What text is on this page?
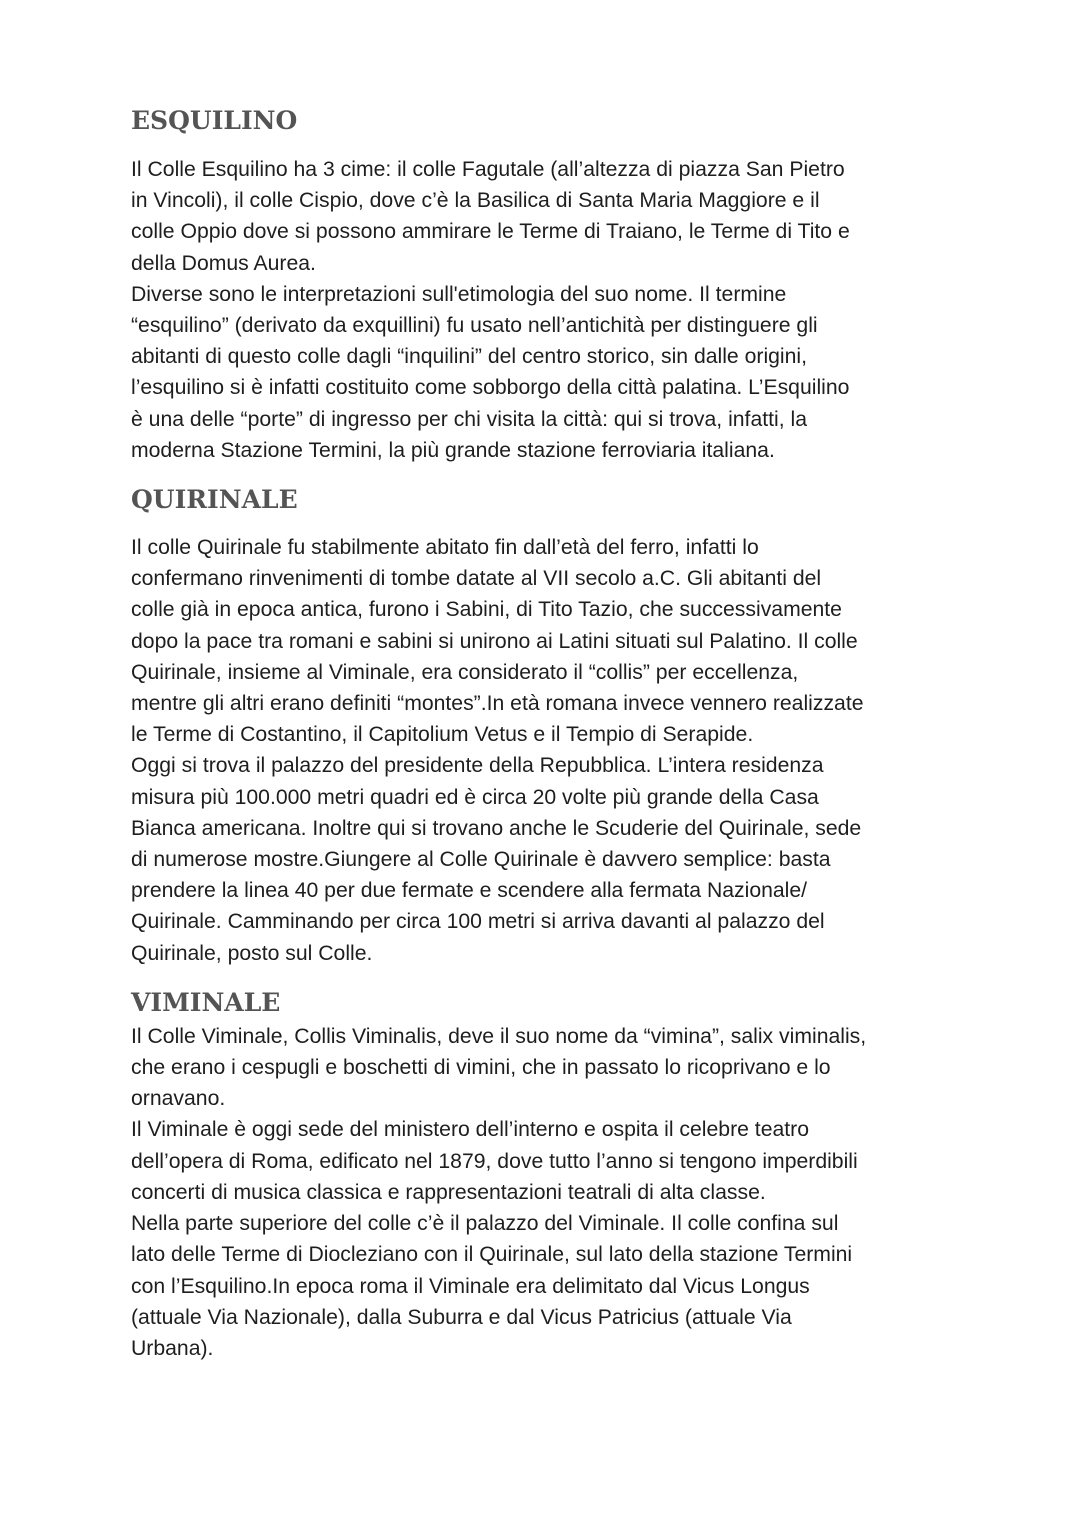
ESQUILINO

Il Colle Esquilino ha 3 cime: il colle Fagutale (all’altezza di piazza San Pietro
in Vincoli), il colle Cispio, dove c’è la Basilica di Santa Maria Maggiore e il
colle Oppio dove si possono ammirare le Terme di Traiano, le Terme di Tito e
della Domus Aurea.

Diverse sono le interpretazioni sull'etimologia del suo nome. Il termine
“esquilino” (derivato da exquillini) fu usato nell’antichità per distinguere gli
abitanti di questo colle dagli “inquilini” del centro storico, sin dalle origini,
l’esquilino si è infatti costituito come sobborgo della città palatina. L’Esquilino
è una delle “porte” di ingresso per chi visita la città: qui si trova, infatti, la
moderna Stazione Termini, la più grande stazione ferroviaria italiana.

QUIRINALE

Il colle Quirinale fu stabilmente abitato fin dall’età del ferro, infatti lo
confermano rinvenimenti di tombe datate al VII secolo a.C. Gli abitanti del
colle già in epoca antica, furono i Sabini, di Tito Tazio, che successivamente
dopo la pace tra romani e sabini si unirono ai Latini situati sul Palatino. Il colle
Quirinale, insieme al Viminale, era considerato il “collis” per eccellenza,
mentre gli altri erano definiti “montes”.In età romana invece vennero realizzate
le Terme di Costantino, il Capitolium Vetus e il Tempio di Serapide.

Oggi si trova il palazzo del presidente della Repubblica. L’intera residenza
misura più 100.000 metri quadri ed è circa 20 volte più grande della Casa
Bianca americana. Inoltre qui si trovano anche le Scuderie del Quirinale, sede
di numerose mostre.Giungere al Colle Quirinale è davvero semplice: basta
prendere la linea 40 per due fermate e scendere alla fermata Nazionale/
Quirinale. Camminando per circa 100 metri si arriva davanti al palazzo del
Quirinale, posto sul Colle.

VIMINALE

Il Colle Viminale, Collis Viminalis, deve il suo nome da “vimina”, salix viminalis,
che erano i cespugli e boschetti di vimini, che in passato lo ricoprivano e lo
ornavano.

Il Viminale è oggi sede del ministero dell’interno e ospita il celebre teatro
dell’opera di Roma, edificato nel 1879, dove tutto l’anno si tengono imperdibili
concerti di musica classica e rappresentazioni teatrali di alta classe.

Nella parte superiore del colle c’è il palazzo del Viminale. Il colle confina sul
lato delle Terme di Diocleziano con il Quirinale, sul lato della stazione Termini
con l’Esquilino.In epoca roma il Viminale era delimitato dal Vicus Longus
(attuale Via Nazionale), dalla Suburra e dal Vicus Patricius (attuale Via
Urbana).
